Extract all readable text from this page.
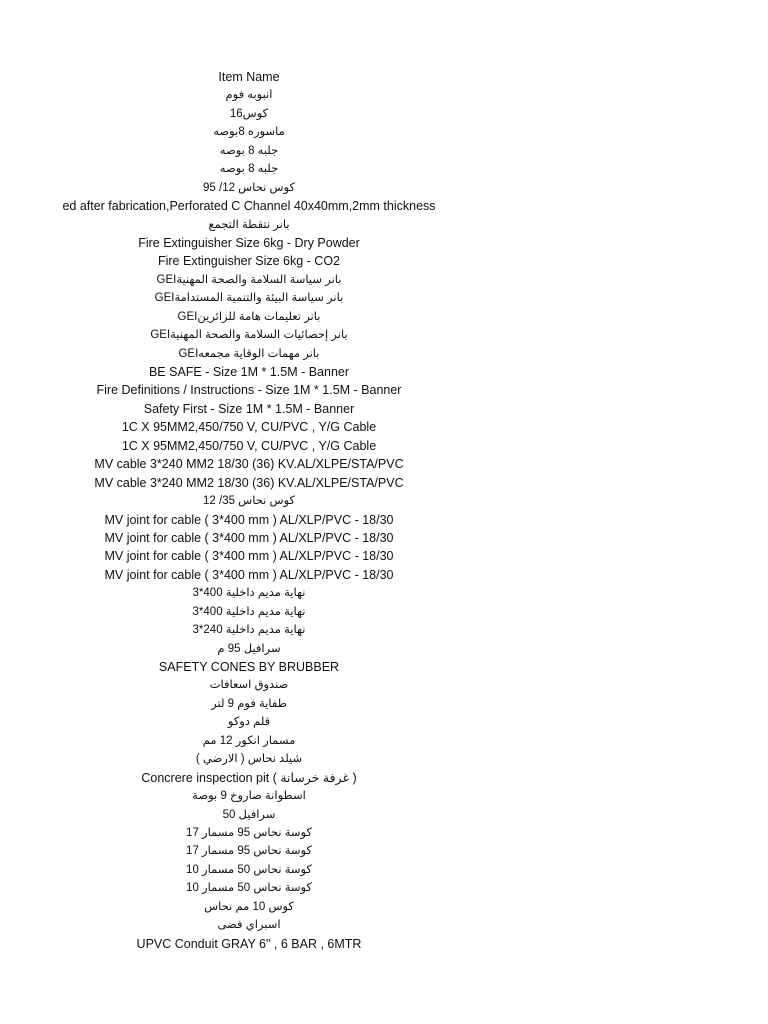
Item Name
انبوبه فوم
كوس16
ماسوره 8بوصه
جلبه 8 بوصه
جلبه 8 بوصه
كوس نحاس 12/ 95
ed after fabrication,Perforated C Channel 40x40mm,2mm thickness
بانر نتقطة التجمع
Fire Extinguisher Size 6kg - Dry Powder
Fire Extinguisher Size 6kg - CO2
GEIبانر سياسة السلامة والصحة المهنية
GEIبانر سياسة البيئة والتنمية المستدامة
GEIبانر تعليمات هامة للزائرين
GEIبانر إحصائيات السلامة والصحة المهنية
GEIبانر مهمات الوقاية مجمعه
BE SAFE - Size 1M * 1.5M - Banner
Fire Definitions / Instructions - Size 1M * 1.5M - Banner
Safety First - Size 1M * 1.5M - Banner
1C X 95MM2,450/750 V, CU/PVC , Y/G Cable
1C X 95MM2,450/750 V, CU/PVC , Y/G Cable
MV cable 3*240 MM2 18/30 (36) KV.AL/XLPE/STA/PVC
MV cable 3*240 MM2 18/30 (36) KV.AL/XLPE/STA/PVC
كوس نحاس 35/ 12
MV joint for cable ( 3*400 mm ) AL/XLP/PVC - 18/30
MV joint for cable ( 3*400 mm ) AL/XLP/PVC - 18/30
MV joint for cable ( 3*400 mm ) AL/XLP/PVC - 18/30
MV joint for cable ( 3*400 mm ) AL/XLP/PVC - 18/30
نهاية مديم داخلية 400*3
نهاية مديم داخلية 400*3
نهاية مديم داخلية 240*3
سرافيل 95 م
SAFETY CONES BY BRUBBER
صندوق اسعافات
طفاية فوم 9 لتر
قلم دوكو
مسمار انكور 12 مم
شيلد نحاس ( الارضي )
Concrere inspection pit ( غرفة خرسانة )
اسطوانة صاروخ 9 بوصة
سرافيل 50
كوسة نحاس 95 مسمار 17
كوسة نحاس 95 مسمار 17
كوسة نحاس 50 مسمار 10
كوسة نحاس 50 مسمار 10
كوس 10 مم نحاس
اسبراي فضى
UPVC Conduit GRAY 6" , 6 BAR , 6MTR
